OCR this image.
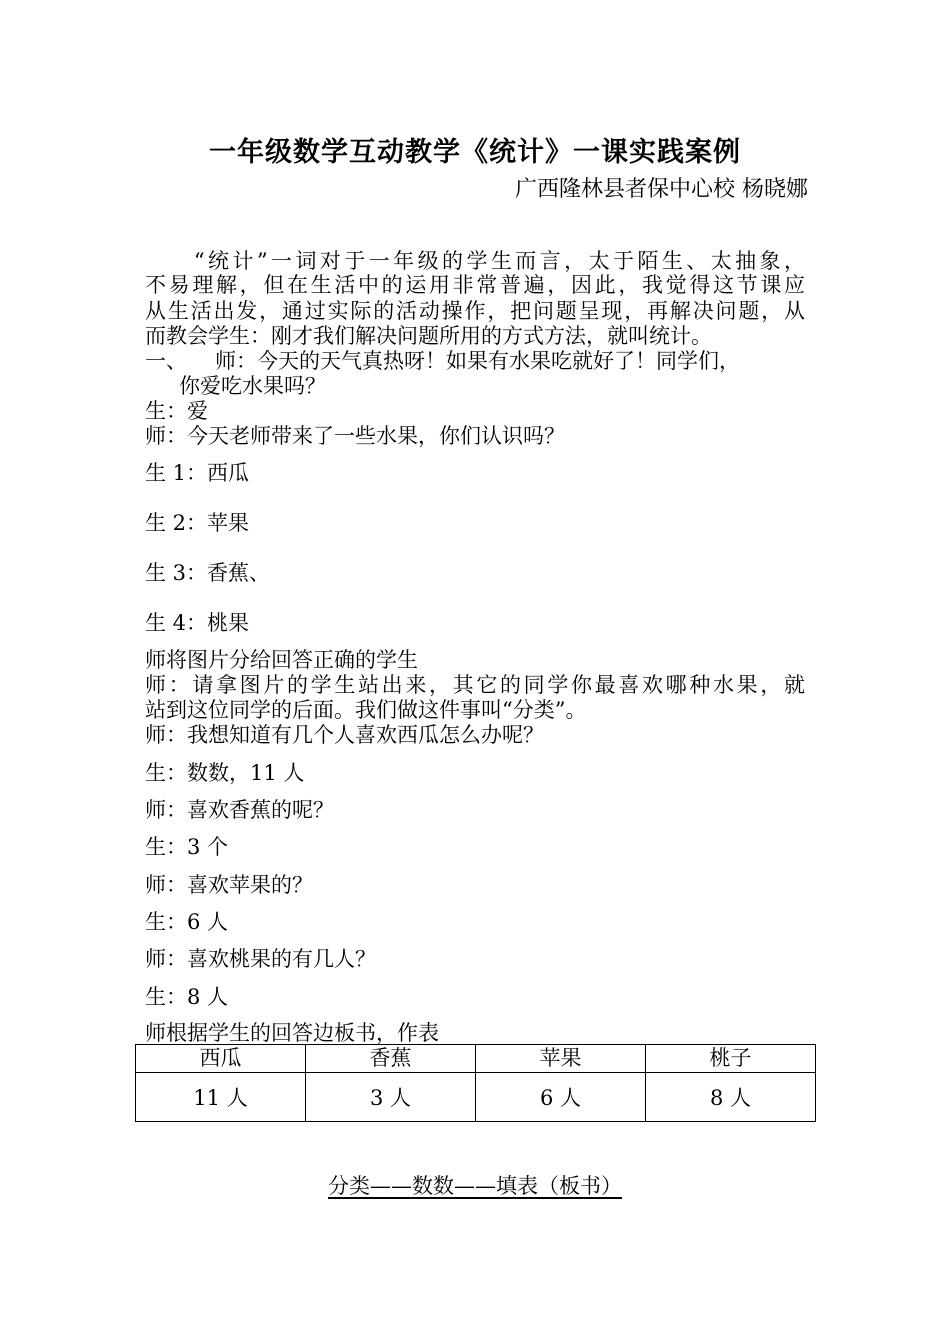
一年级数学互动教学《统计》一课实践案例
广西隆林县者保中心校 杨晓娜
　　“统计”一词对于一年级的学生而言，太于陌生、太抽象，
不易理解，但在生活中的运用非常普遍，因此，我觉得这节课应
从生活出发，通过实际的活动操作，把问题呈现，再解决问题，从
而教会学生：刚才我们解决问题所用的方式方法，就叫统计。
一、 师：今天的天气真热呀！如果有水果吃就好了！同学们，
你爱吃水果吗？
生：爱
师：今天老师带来了一些水果，你们认识吗？
生 1：西瓜
生 2：苹果
生 3：香蕉、
生 4：桃果
师将图片分给回答正确的学生
师：请拿图片的学生站出来，其它的同学你最喜欢哪种水果，就
站到这位同学的后面。我们做这件事叫“分类”。
师：我想知道有几个人喜欢西瓜怎么办呢？
生：数数，11 人
师：喜欢香蕉的呢？
生：3 个
师：喜欢苹果的？
生：6 人
师：喜欢桃果的有几人？
生：8 人
师根据学生的回答边板书，作表
西瓜	香蕉	苹果	桃子
11 人	3 人	6 人	8 人
分类——数数——填表（板书）
